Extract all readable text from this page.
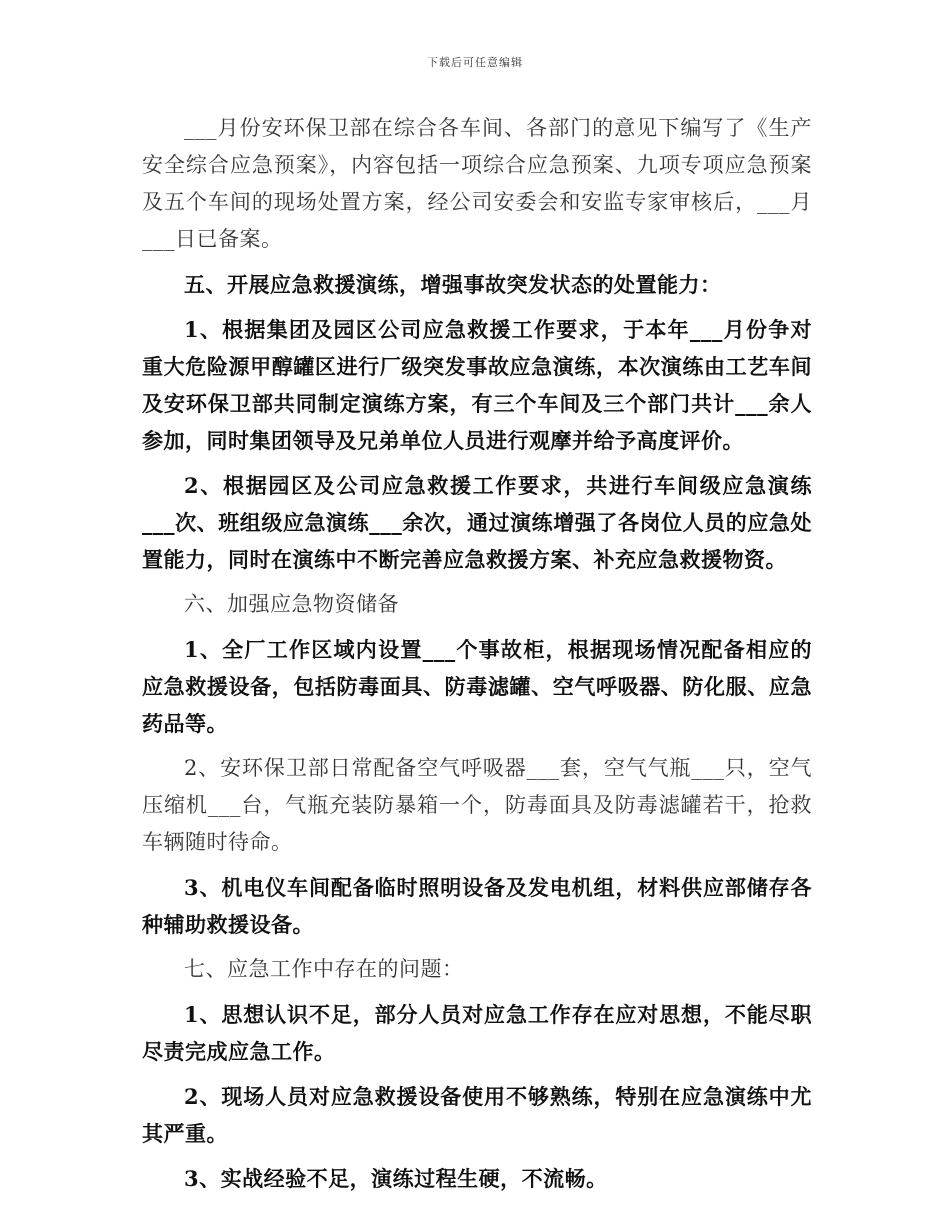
下载后可任意编辑

___月份安环保卫部在综合各车间、各部门的意见下编写了《生产安全综合应急预案》，内容包括一项综合应急预案、九项专项应急预案及五个车间的现场处置方案，经公司安委会和安监专家审核后，___月___日已备案。

五、开展应急救援演练，增强事故突发状态的处置能力：

1、根据集团及园区公司应急救援工作要求，于本年___月份争对重大危险源甲醇罐区进行厂级突发事故应急演练，本次演练由工艺车间及安环保卫部共同制定演练方案，有三个车间及三个部门共计___余人参加，同时集团领导及兄弟单位人员进行观摩并给予高度评价。

2、根据园区及公司应急救援工作要求，共进行车间级应急演练___次、班组级应急演练___余次，通过演练增强了各岗位人员的应急处置能力，同时在演练中不断完善应急救援方案、补充应急救援物资。

六、加强应急物资储备

1、全厂工作区域内设置___个事故柜，根据现场情况配备相应的应急救援设备，包括防毒面具、防毒滤罐、空气呼吸器、防化服、应急药品等。

2、安环保卫部日常配备空气呼吸器___套，空气气瓶___只，空气压缩机___台，气瓶充装防暴箱一个，防毒面具及防毒滤罐若干，抢救车辆随时待命。

3、机电仪车间配备临时照明设备及发电机组，材料供应部储存各种辅助救援设备。

七、应急工作中存在的问题：

1、思想认识不足，部分人员对应急工作存在应对思想，不能尽职尽责完成应急工作。

2、现场人员对应急救援设备使用不够熟练，特别在应急演练中尤其严重。

3、实战经验不足，演练过程生硬，不流畅。
